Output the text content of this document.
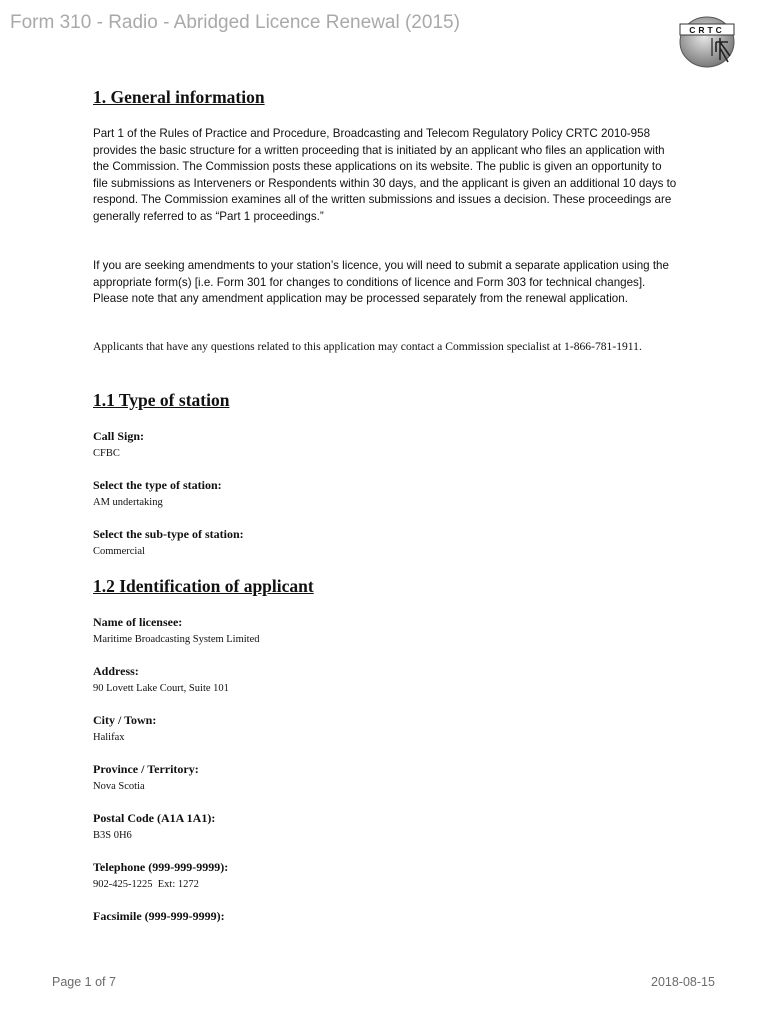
Form 310 - Radio - Abridged Licence Renewal (2015)	CRTC
1. General information

Part 1 of the Rules of Practice and Procedure, Broadcasting and Telecom Regulatory Policy CRTC 2010-958 provides the basic structure for a written proceeding that is initiated by an applicant who files an application with the Commission. The Commission posts these applications on its website. The public is given an opportunity to file submissions as Interveners or Respondents within 30 days, and the applicant is given an additional 10 days to respond. The Commission examines all of the written submissions and issues a decision. These proceedings are generally referred to as “Part 1 proceedings.”

If you are seeking amendments to your station’s licence, you will need to submit a separate application using the appropriate form(s) [i.e. Form 301 for changes to conditions of licence and Form 303 for technical changes]. Please note that any amendment application may be processed separately from the renewal application.

Applicants that have any questions related to this application may contact a Commission specialist at 1-866-781-1911.

1.1 Type of station

Call Sign:

CFBC

Select the type of station:

AM undertaking

Select the sub-type of station:

Commercial

1.2 Identification of applicant

Name of licensee:

Maritime Broadcasting System Limited

Address:

90 Lovett Lake Court, Suite 101

City / Town:

Halifax

Province / Territory:

Nova Scotia

Postal Code (A1A 1A1):

B3S 0H6

Telephone (999-999-9999):

902-425-1225  Ext: 1272

Facsimile (999-999-9999):

Page 1 of 7	2018-08-15
